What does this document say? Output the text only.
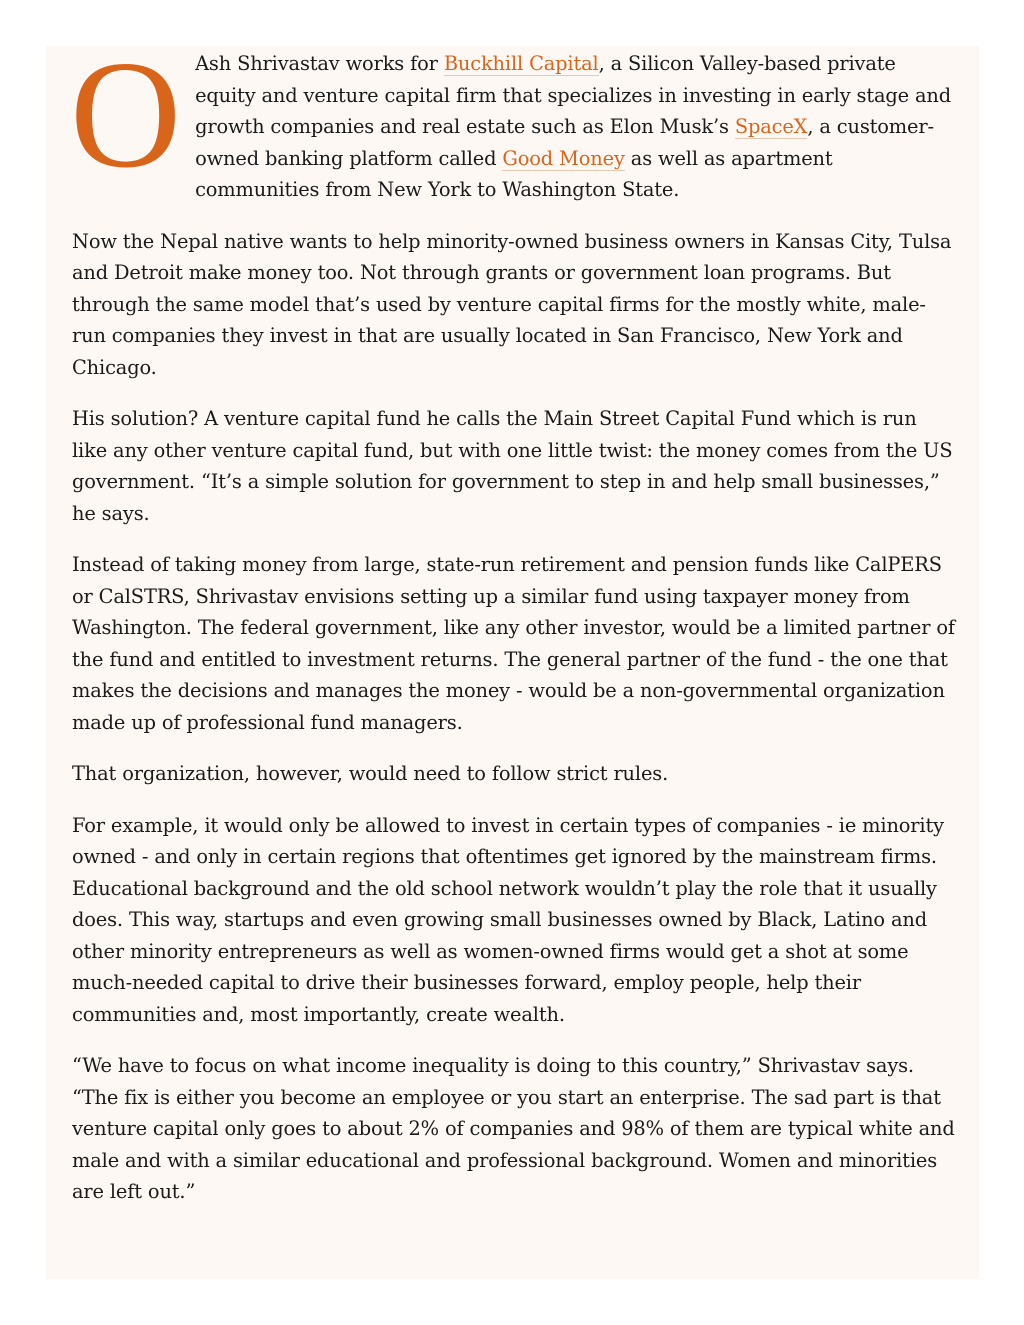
O Ash Shrivastav works for Buckhill Capital, a Silicon Valley-based private equity and venture capital firm that specializes in investing in early stage and growth companies and real estate such as Elon Musk’s SpaceX, a customer-owned banking platform called Good Money as well as apartment communities from New York to Washington State.

Now the Nepal native wants to help minority-owned business owners in Kansas City, Tulsa and Detroit make money too. Not through grants or government loan programs. But through the same model that’s used by venture capital firms for the mostly white, male-run companies they invest in that are usually located in San Francisco, New York and Chicago.

His solution? A venture capital fund he calls the Main Street Capital Fund which is run like any other venture capital fund, but with one little twist: the money comes from the US government. “It’s a simple solution for government to step in and help small businesses,” he says.

Instead of taking money from large, state-run retirement and pension funds like CalPERS or CalSTRS, Shrivastav envisions setting up a similar fund using taxpayer money from Washington. The federal government, like any other investor, would be a limited partner of the fund and entitled to investment returns. The general partner of the fund - the one that makes the decisions and manages the money - would be a non-governmental organization made up of professional fund managers.

That organization, however, would need to follow strict rules.

For example, it would only be allowed to invest in certain types of companies - ie minority owned - and only in certain regions that oftentimes get ignored by the mainstream firms. Educational background and the old school network wouldn’t play the role that it usually does. This way, startups and even growing small businesses owned by Black, Latino and other minority entrepreneurs as well as women-owned firms would get a shot at some much-needed capital to drive their businesses forward, employ people, help their communities and, most importantly, create wealth.

“We have to focus on what income inequality is doing to this country,” Shrivastav says. “The fix is either you become an employee or you start an enterprise. The sad part is that venture capital only goes to about 2% of companies and 98% of them are typical white and male and with a similar educational and professional background. Women and minorities are left out.”
